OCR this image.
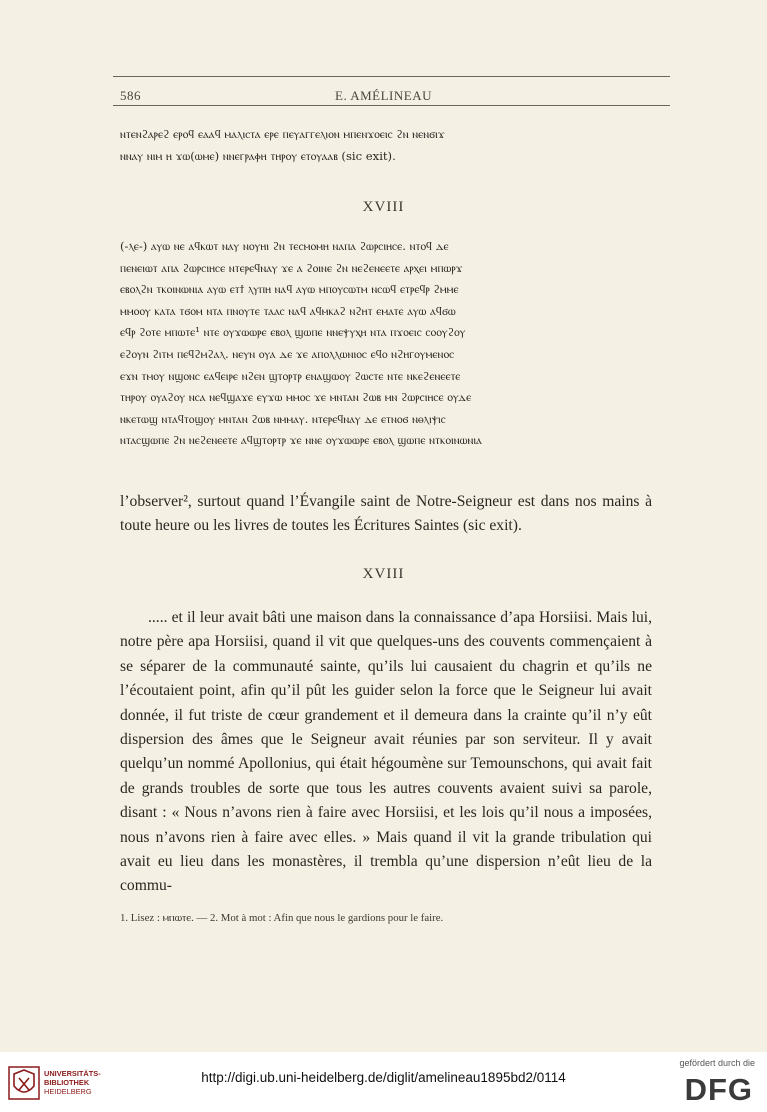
586	E. AMÉLINEAU

ⲛⲧⲉⲛϩⲁⲣⲉϩ ⲉⲣⲟϥ ⲉⲁⲁϥ ⲙⲁⲗⲓⲥⲧⲁ ⲉⲣⲉ ⲡⲉⲩⲁⲅⲅⲉⲗⲓⲟⲛ ⲙⲡⲉⲛϫⲟⲉⲓⲥ ϩⲛ ⲛⲉⲛϭⲓϫ

ⲛⲛⲁⲩ ⲛⲓⲙ ⲏ ϫⲱ(ⲱⲙⲉ) ⲛⲛⲉⲅⲣⲁⲫⲏ ⲧⲏⲣⲟⲩ ⲉⲧⲟⲩⲁⲁⲃ (sic exit).

XVIII

(-ⲗⲉ-) ⲁⲩⲱ ⲛⲉ ⲁϥⲕⲱⲧ ⲛⲁⲩ ⲛⲟⲩⲏⲓ ϩⲛ ⲧⲉⲥⲙⲟⲙⲏ ⲛⲁⲡⲁ ϩⲱⲣⲥⲓⲏⲥⲉ. ⲛⲧⲟϥ ⲇⲉ

ⲡⲉⲛⲉⲓⲱⲧ ⲁⲡⲁ ϩⲱⲣⲥⲓⲏⲥⲉ ⲛⲧⲉⲣⲉϥⲛⲁⲩ ϫⲉ ⲁ ϩⲟⲓⲛⲉ ϩⲛ ⲛⲉϩⲉⲛⲉⲉⲧⲉ ⲁⲣⲭⲉⲓ ⲙⲡⲱⲣϫ

ⲉⲃⲟⲗϩⲛ ⲧⲕⲟⲓⲛⲱⲛⲓⲁ ⲁⲩⲱ ⲉⲧϯ ⲗⲩⲡⲏ ⲛⲁϥ ⲁⲩⲱ ⲙⲡⲟⲩⲥⲱⲧⲙ ⲛⲥⲱϥ ⲉⲧⲣⲉϥⲣ ϩⲙⲙⲉ

ⲙⲙⲟⲟⲩ ⲕⲁⲧⲁ ⲧϭⲟⲙ ⲛⲧⲁ ⲡⲛⲟⲩⲧⲉ ⲧⲁⲁⲥ ⲛⲁϥ ⲁϥⲙⲕⲁϩ ⲛϩⲏⲧ ⲉⲙⲁⲧⲉ ⲁⲩⲱ ⲁϥϭⲱ

ⲉϥⲣ ϩⲟⲧⲉ ⲙⲡⲱⲧⲉ¹ ⲛⲧⲉ ⲟⲩϫⲱⲱⲣⲉ ⲉⲃⲟⲗ ϣⲱⲡⲉ ⲛⲛⲉⲯⲩⲭⲏ ⲛⲧⲁ ⲡϫⲟⲉⲓⲥ ⲥⲟⲟⲩϩⲟⲩ

ⲉϩⲟⲩⲛ ϩⲓⲧⲙ ⲡⲉϥϩⲙϩⲁⲗ. ⲛⲉⲩⲛ ⲟⲩⲁ ⲇⲉ ϫⲉ ⲁⲡⲟⲗⲗⲱⲛⲓⲟⲥ ⲉϥⲟ ⲛϩⲏⲅⲟⲩⲙⲉⲛⲟⲥ

ⲉϫⲛ ⲧⲙⲟⲩ ⲛϣⲟⲛⲥ ⲉⲁϥⲉⲓⲣⲉ ⲛϩⲉⲛ ϣⲧⲟⲣⲧⲣ ⲉⲛⲁϣⲱⲟⲩ ϩⲱⲥⲧⲉ ⲛⲧⲉ ⲛⲕⲉϩⲉⲛⲉⲉⲧⲉ

ⲧⲏⲣⲟⲩ ⲟⲩⲁϩⲟⲩ ⲛⲥⲁ ⲛⲉϥϣⲁϫⲉ ⲉⲩϫⲱ ⲙⲙⲟⲥ ϫⲉ ⲙⲛⲧⲁⲛ ϩⲱⲃ ⲙⲛ ϩⲱⲣⲥⲓⲏⲥⲉ ⲟⲩⲇⲉ

ⲛⲕⲉⲧⲱϣ ⲛⲧⲁϥⲧⲟϣⲟⲩ ⲙⲛⲧⲁⲛ ϩⲱⲃ ⲛⲙⲙⲁⲩ. ⲛⲧⲉⲣⲉϥⲛⲁⲩ ⲇⲉ ⲉⲧⲛⲟϭ ⲛⲑⲗⲓⲯⲓⲥ

ⲛⲧⲁⲥϣⲱⲡⲉ ϩⲛ ⲛⲉϩⲉⲛⲉⲉⲧⲉ ⲁϥϣⲧⲟⲣⲧⲣ ϫⲉ ⲛⲛⲉ ⲟⲩϫⲱⲱⲣⲉ ⲉⲃⲟⲗ ϣⲱⲡⲉ ⲛⲧⲕⲟⲓⲛⲱⲛⲓⲁ

l’observer², surtout quand l’Évangile saint de Notre-Seigneur est dans nos mains à toute heure ou les livres de toutes les Écritures Saintes (sic exit).

XVIII

..... et il leur avait bâti une maison dans la connaissance d’apa Horsiisi. Mais lui, notre père apa Horsiisi, quand il vit que quelques-uns des couvents commençaient à se séparer de la communauté sainte, qu’ils lui causaient du chagrin et qu’ils ne l’écoutaient point, afin qu’il pût les guider selon la force que le Seigneur lui avait donnée, il fut triste de cœur grandement et il demeura dans la crainte qu’il n’y eût dispersion des âmes que le Seigneur avait réunies par son serviteur. Il y avait quelqu’un nommé Apollonius, qui était hégoumène sur Temounschons, qui avait fait de grands troubles de sorte que tous les autres couvents avaient suivi sa parole, disant : « Nous n’avons rien à faire avec Horsiisi, et les lois qu’il nous a imposées, nous n’avons rien à faire avec elles. » Mais quand il vit la grande tribulation qui avait eu lieu dans les monastères, il trembla qu’une dispersion n’eût lieu de la commu-

1. Lisez : ⲙⲡⲱⲧⲉ. — 2. Mot à mot : Afin que nous le gardions pour le faire.
UNIVERSITÄTS-
BIBLIOTHEK
HEIDELBERG
http://digi.ub.uni-heidelberg.de/diglit/amelineau1895bd2/0114
gefördert durch die
DFG
